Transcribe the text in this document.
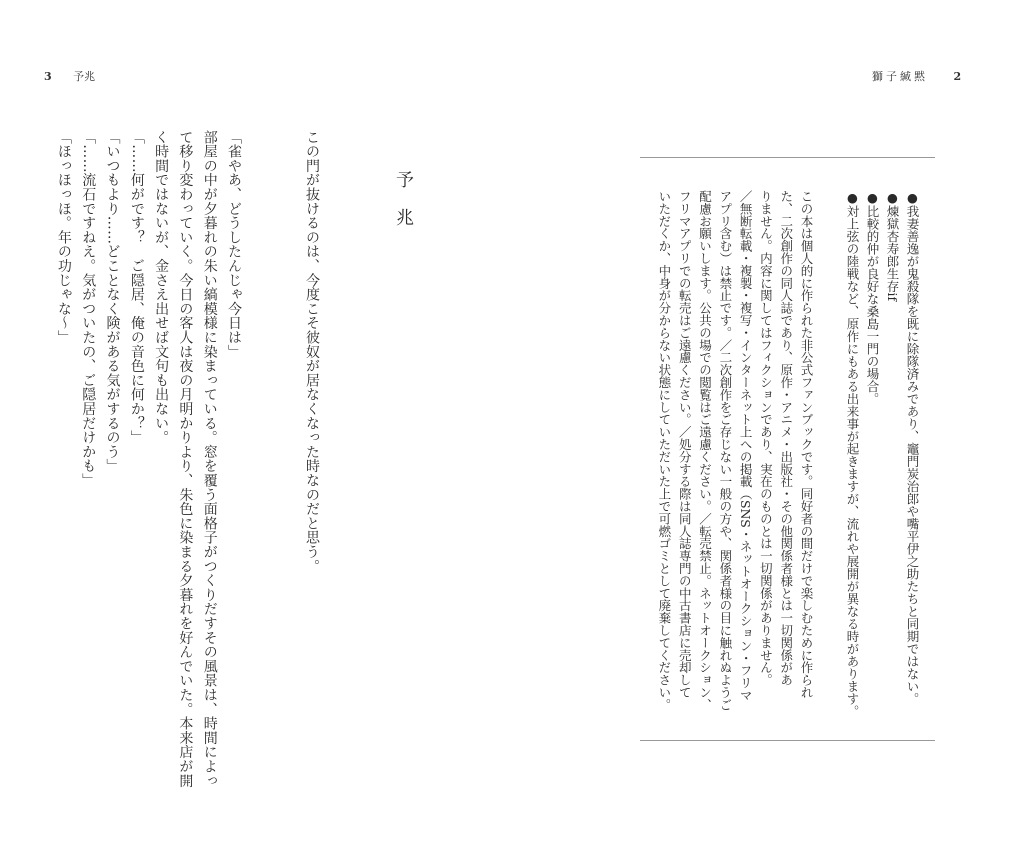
3 予兆
予兆
この門が抜けるのは、今度こそ彼奴が居なくなった時なのだと思う。
「雀やあ、どうしたんじゃ今日は」
部屋の中が夕暮れの朱い縞模様に染まっている。窓を覆う面格子がつくりだすその風景は、時間によっ
て移り変わっていく。今日の客人は夜の月明かりより、朱色に染まる夕暮れを好んでいた。本来店が開
く時間ではないが、金さえ出せば文句も出ない。
「……何がです？　ご隠居、俺の音色に何か？」
「いつもより……どことなく険がある気がするのう」
「……流石ですねえ。気がついたの、ご隠居だけかも」
「ほっほっほ。年の功じゃな～」
獅子緘黙 2
●我妻善逸が鬼殺隊を既に除隊済みであり、竈門炭治郎や嘴平伊之助たちと同期ではない。
●煉獄杏寿郎生存if
●比較的仲が良好な桑島一門の場合。
●対上弦の陸戦など、原作にもある出来事が起きますが、流れや展開が異なる時があります。
この本は個人的に作られた非公式ファンブックです。同好者の間だけで楽しむために作られ
た、二次創作の同人誌であり、原作・アニメ・出版社・その他関係者様とは一切関係があ
りません。内容に関してはフィクションであり、実在のものとは一切関係がありません。
／無断転載・複製・複写・インターネット上への掲載（SNS・ネットオークション・フリマ
アプリ含む）は禁止です。／二次創作をご存じない一般の方や、関係者様の目に触れぬようご
配慮お願いします。公共の場での閲覧はご遠慮ください。／転売禁止。ネットオークション、
フリマアプリでの転売はご遠慮ください。／処分する際は同人誌専門の中古書店に売却して
いただくか、中身が分からない状態にしていただいた上で可燃ゴミとして廃棄してください。
